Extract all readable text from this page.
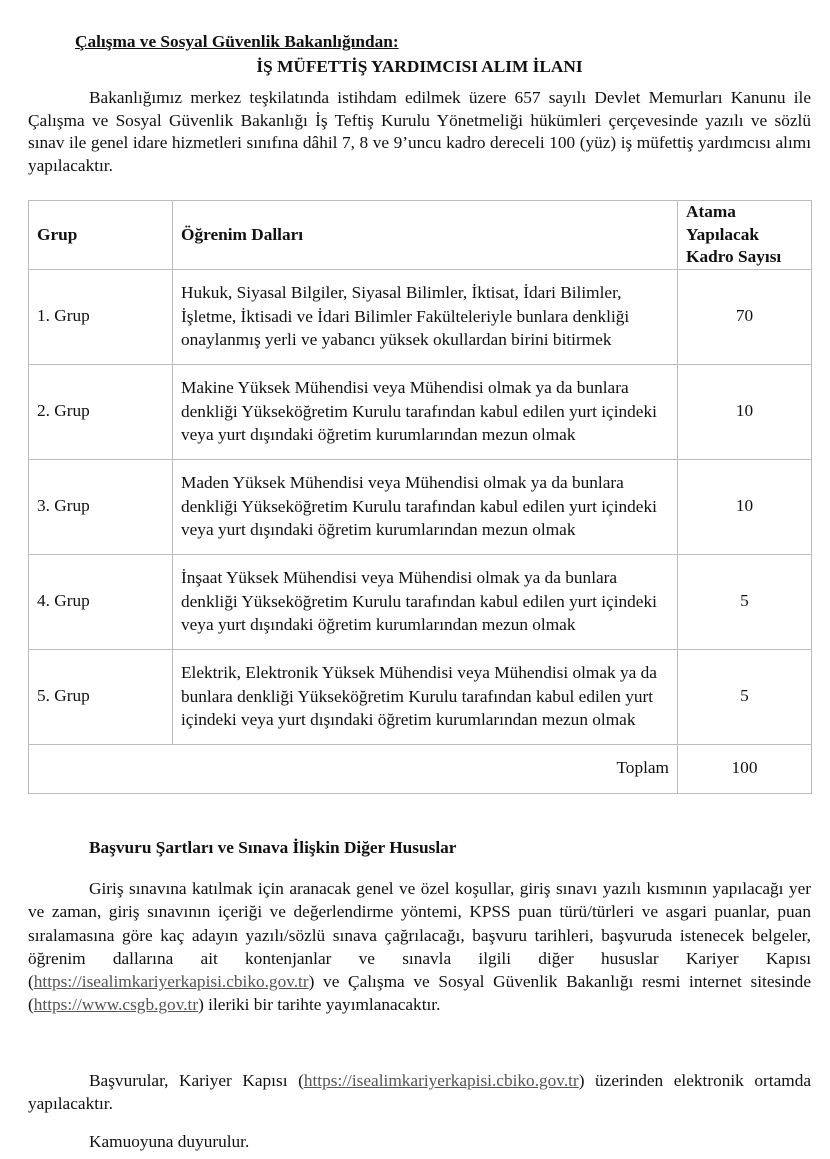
Çalışma ve Sosyal Güvenlik Bakanlığından:
İŞ MÜFETTİŞ YARDIMCISI ALIM İLANI

Bakanlığımız merkez teşkilatında istihdam edilmek üzere 657 sayılı Devlet Memurları Kanunu ile Çalışma ve Sosyal Güvenlik Bakanlığı İş Teftiş Kurulu Yönetmeliği hükümleri çerçevesinde yazılı ve sözlü sınav ile genel idare hizmetleri sınıfına dâhil 7, 8 ve 9’uncu kadro dereceli 100 (yüz) iş müfettiş yardımcısı alımı yapılacaktır.

Grup	Öğrenim Dalları	Atama Yapılacak Kadro Sayısı
1. Grup	Hukuk, Siyasal Bilgiler, Siyasal Bilimler, İktisat, İdari Bilimler, İşletme, İktisadi ve İdari Bilimler Fakülteleriyle bunlara denkliği onaylanmış yerli ve yabancı yüksek okullardan birini bitirmek	70
2. Grup	Makine Yüksek Mühendisi veya Mühendisi olmak ya da bunlara denkliği Yükseköğretim Kurulu tarafından kabul edilen yurt içindeki veya yurt dışındaki öğretim kurumlarından mezun olmak	10
3. Grup	Maden Yüksek Mühendisi veya Mühendisi olmak ya da bunlara denkliği Yükseköğretim Kurulu tarafından kabul edilen yurt içindeki veya yurt dışındaki öğretim kurumlarından mezun olmak	10
4. Grup	İnşaat Yüksek Mühendisi veya Mühendisi olmak ya da bunlara denkliği Yükseköğretim Kurulu tarafından kabul edilen yurt içindeki veya yurt dışındaki öğretim kurumlarından mezun olmak	5
5. Grup	Elektrik, Elektronik Yüksek Mühendisi veya Mühendisi olmak ya da bunlara denkliği Yükseköğretim Kurulu tarafından kabul edilen yurt içindeki veya yurt dışındaki öğretim kurumlarından mezun olmak	5
Toplam		100
Başvuru Şartları ve Sınava İlişkin Diğer Hususlar

Giriş sınavına katılmak için aranacak genel ve özel koşullar, giriş sınavı yazılı kısmının yapılacağı yer ve zaman, giriş sınavının içeriği ve değerlendirme yöntemi, KPSS puan türü/türleri ve asgari puanlar, puan sıralamasına göre kaç adayın yazılı/sözlü sınava çağrılacağı, başvuru tarihleri, başvuruda istenecek belgeler, öğrenim dallarına ait kontenjanlar ve sınavla ilgili diğer hususlar Kariyer Kapısı (https://isealimkariyerkapisi.cbiko.gov.tr) ve Çalışma ve Sosyal Güvenlik Bakanlığı resmi internet sitesinde (https://www.csgb.gov.tr) ileriki bir tarihte yayımlanacaktır.

Başvurular, Kariyer Kapısı (https://isealimkariyerkapisi.cbiko.gov.tr) üzerinden elektronik ortamda yapılacaktır.

Kamuoyuna duyurulur.
